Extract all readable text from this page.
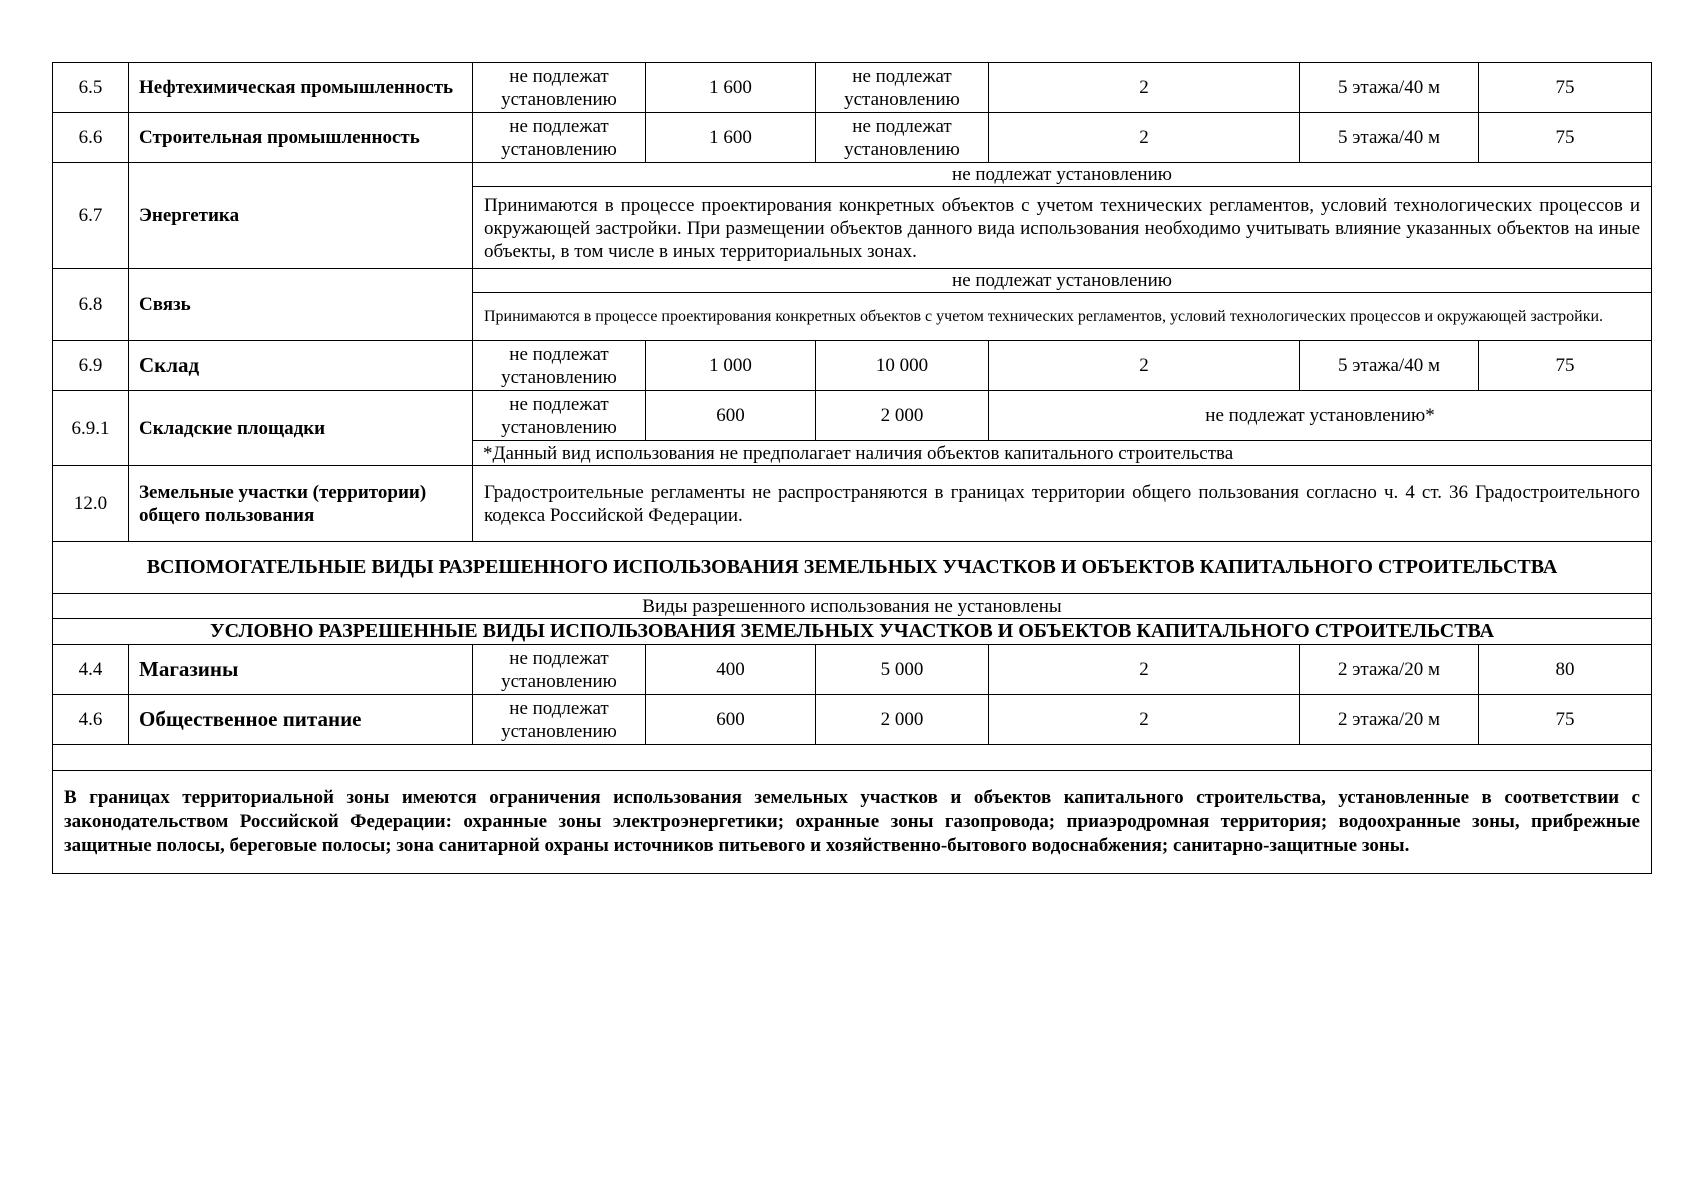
6.5	Нефтехимическая промышленность	не подлежат установлению	1 600	не подлежат установлению	2	5 этажа/40 м	75
6.6	Строительная промышленность	не подлежат установлению	1 600	не подлежат установлению	2	5 этажа/40 м	75
6.7	Энергетика	не подлежат установлению					
		Принимаются в процессе проектирования конкретных объектов с учетом технических регламентов, условий технологических процессов и окружающей застройки. При размещении объектов данного вида использования необходимо учитывать влияние указанных объектов на иные объекты, в том числе в иных территориальных зонах.					
6.8	Связь	не подлежат установлению					
		Принимаются в процессе проектирования конкретных объектов с учетом технических регламентов, условий технологических процессов и окружающей застройки.					
6.9	Склад	не подлежат установлению	1 000	10 000	2	5 этажа/40 м	75
6.9.1	Складские площадки	не подлежат установлению	600	2 000	не подлежат установлению*		
		*Данный вид использования не предполагает наличия объектов капитального строительства					
12.0	Земельные участки (территории) общего пользования	Градостроительные регламенты не распространяются в границах территории общего пользования согласно ч. 4 ст. 36 Градостроительного кодекса Российской Федерации.					
ВСПОМОГАТЕЛЬНЫЕ ВИДЫ РАЗРЕШЕННОГО ИСПОЛЬЗОВАНИЯ ЗЕМЕЛЬНЫХ УЧАСТКОВ И ОБЪЕКТОВ КАПИТАЛЬНОГО СТРОИТЕЛЬСТВА							
Виды разрешенного использования не установлены							
УСЛОВНО РАЗРЕШЕННЫЕ ВИДЫ ИСПОЛЬЗОВАНИЯ ЗЕМЕЛЬНЫХ УЧАСТКОВ И ОБЪЕКТОВ КАПИТАЛЬНОГО СТРОИТЕЛЬСТВА							
4.4	Магазины	не подлежат установлению	400	5 000	2	2 этажа/20 м	80
4.6	Общественное питание	не подлежат установлению	600	2 000	2	2 этажа/20 м	75

В границах территориальной зоны имеются ограничения использования земельных участков и объектов капитального строительства, установленные в соответствии с законодательством Российской Федерации: охранные зоны электроэнергетики; охранные зоны газопровода; приаэродромная территория; водоохранные зоны, прибрежные защитные полосы, береговые полосы; зона санитарной охраны источников питьевого и хозяйственно-бытового водоснабжения; санитарно-защитные зоны.							
